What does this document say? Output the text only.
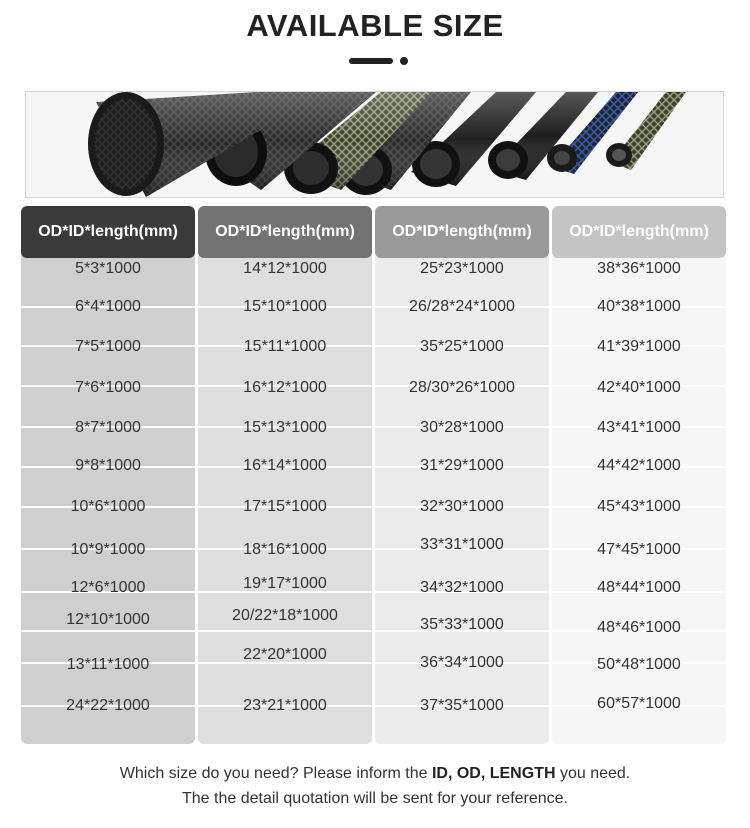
AVAILABLE SIZE
OD*ID*length(mm)
5*3*1000
6*4*1000
7*5*1000
7*6*1000
8*7*1000
9*8*1000
10*6*1000
10*9*1000
12*6*1000
12*10*1000
13*11*1000
24*22*1000
OD*ID*length(mm)
14*12*1000
15*10*1000
15*11*1000
16*12*1000
15*13*1000
16*14*1000
17*15*1000
18*16*1000
19*17*1000
20/22*18*1000
22*20*1000
23*21*1000
OD*ID*length(mm)
25*23*1000
26/28*24*1000
35*25*1000
28/30*26*1000
30*28*1000
31*29*1000
32*30*1000
33*31*1000
34*32*1000
35*33*1000
36*34*1000
37*35*1000
OD*ID*length(mm)
38*36*1000
40*38*1000
41*39*1000
42*40*1000
43*41*1000
44*42*1000
45*43*1000
47*45*1000
48*44*1000
48*46*1000
50*48*1000
60*57*1000
Which size do you need? Please inform the ID, OD, LENGTH you need.
The the detail quotation will be sent for your reference.
